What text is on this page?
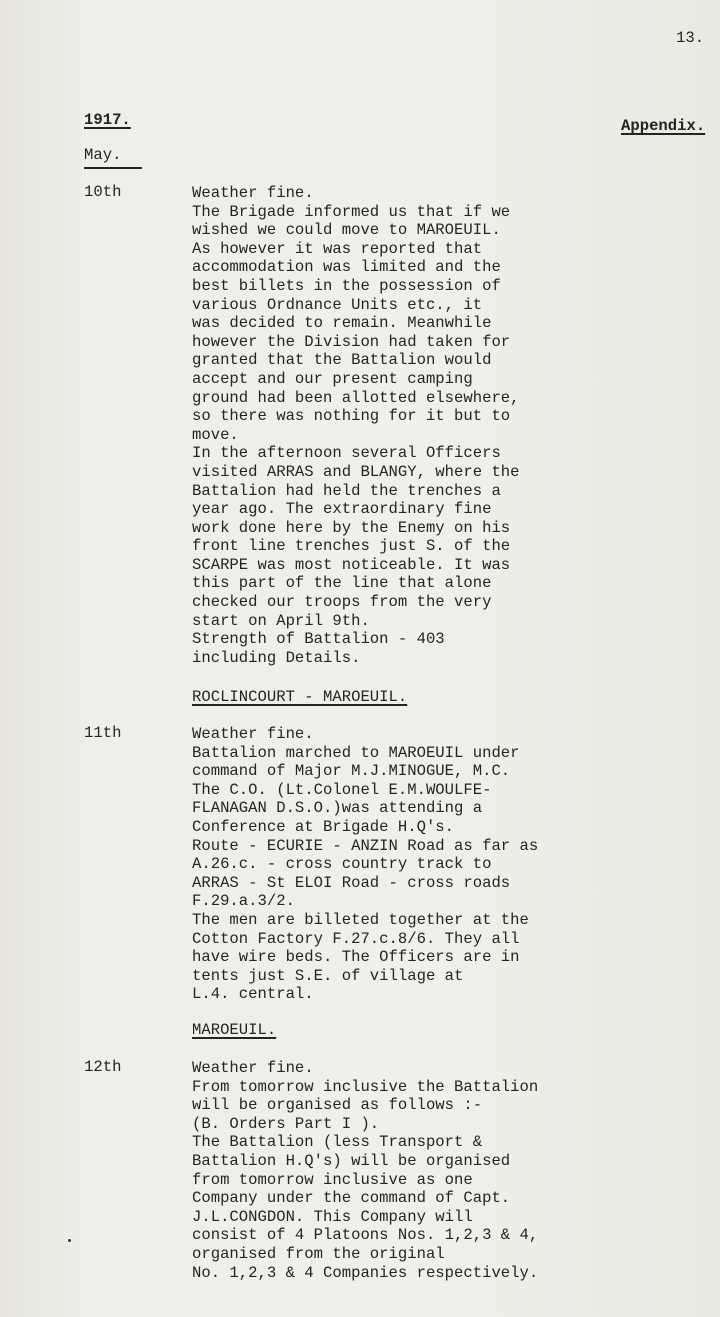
13.
1917.	Appendix.
May.
10th	Weather fine.
The Brigade informed us that if we
wished we could move to MAROEUIL.
As however it was reported that
accommodation was limited and the
best billets in the possession of
various Ordnance Units etc., it
was decided to remain. Meanwhile
however the Division had taken for
granted that the Battalion would
accept and our present camping
ground had been allotted elsewhere,
so there was nothing for it but to
move.
In the afternoon several Officers
visited ARRAS and BLANGY, where the
Battalion had held the trenches a
year ago. The extraordinary fine
work done here by the Enemy on his
front line trenches just S. of the
SCARPE was most noticeable. It was
this part of the line that alone
checked our troops from the very
start on April 9th.
Strength of Battalion - 403
including Details.
ROCLINCOURT - MAROEUIL.
11th	Weather fine.
Battalion marched to MAROEUIL under
command of Major M.J.MINOGUE, M.C.
The C.O. (Lt.Colonel E.M.WOULFE-
FLANAGAN D.S.O.)was attending a
Conference at Brigade H.Q's.
Route - ECURIE - ANZIN Road as far as
A.26.c. - cross country track to
ARRAS - St ELOI Road - cross roads
F.29.a.3/2.
The men are billeted together at the
Cotton Factory F.27.c.8/6. They all
have wire beds. The Officers are in
tents just S.E. of village at
L.4. central.
MAROEUIL.
12th	Weather fine.
From tomorrow inclusive the Battalion
will be organised as follows :-
(B. Orders Part I ).
The Battalion (less Transport &
Battalion H.Q's) will be organised
from tomorrow inclusive as one
Company under the command of Capt.
J.L.CONGDON. This Company will
consist of 4 Platoons Nos. 1,2,3 & 4,
organised from the original
No. 1,2,3 & 4 Companies respectively.
